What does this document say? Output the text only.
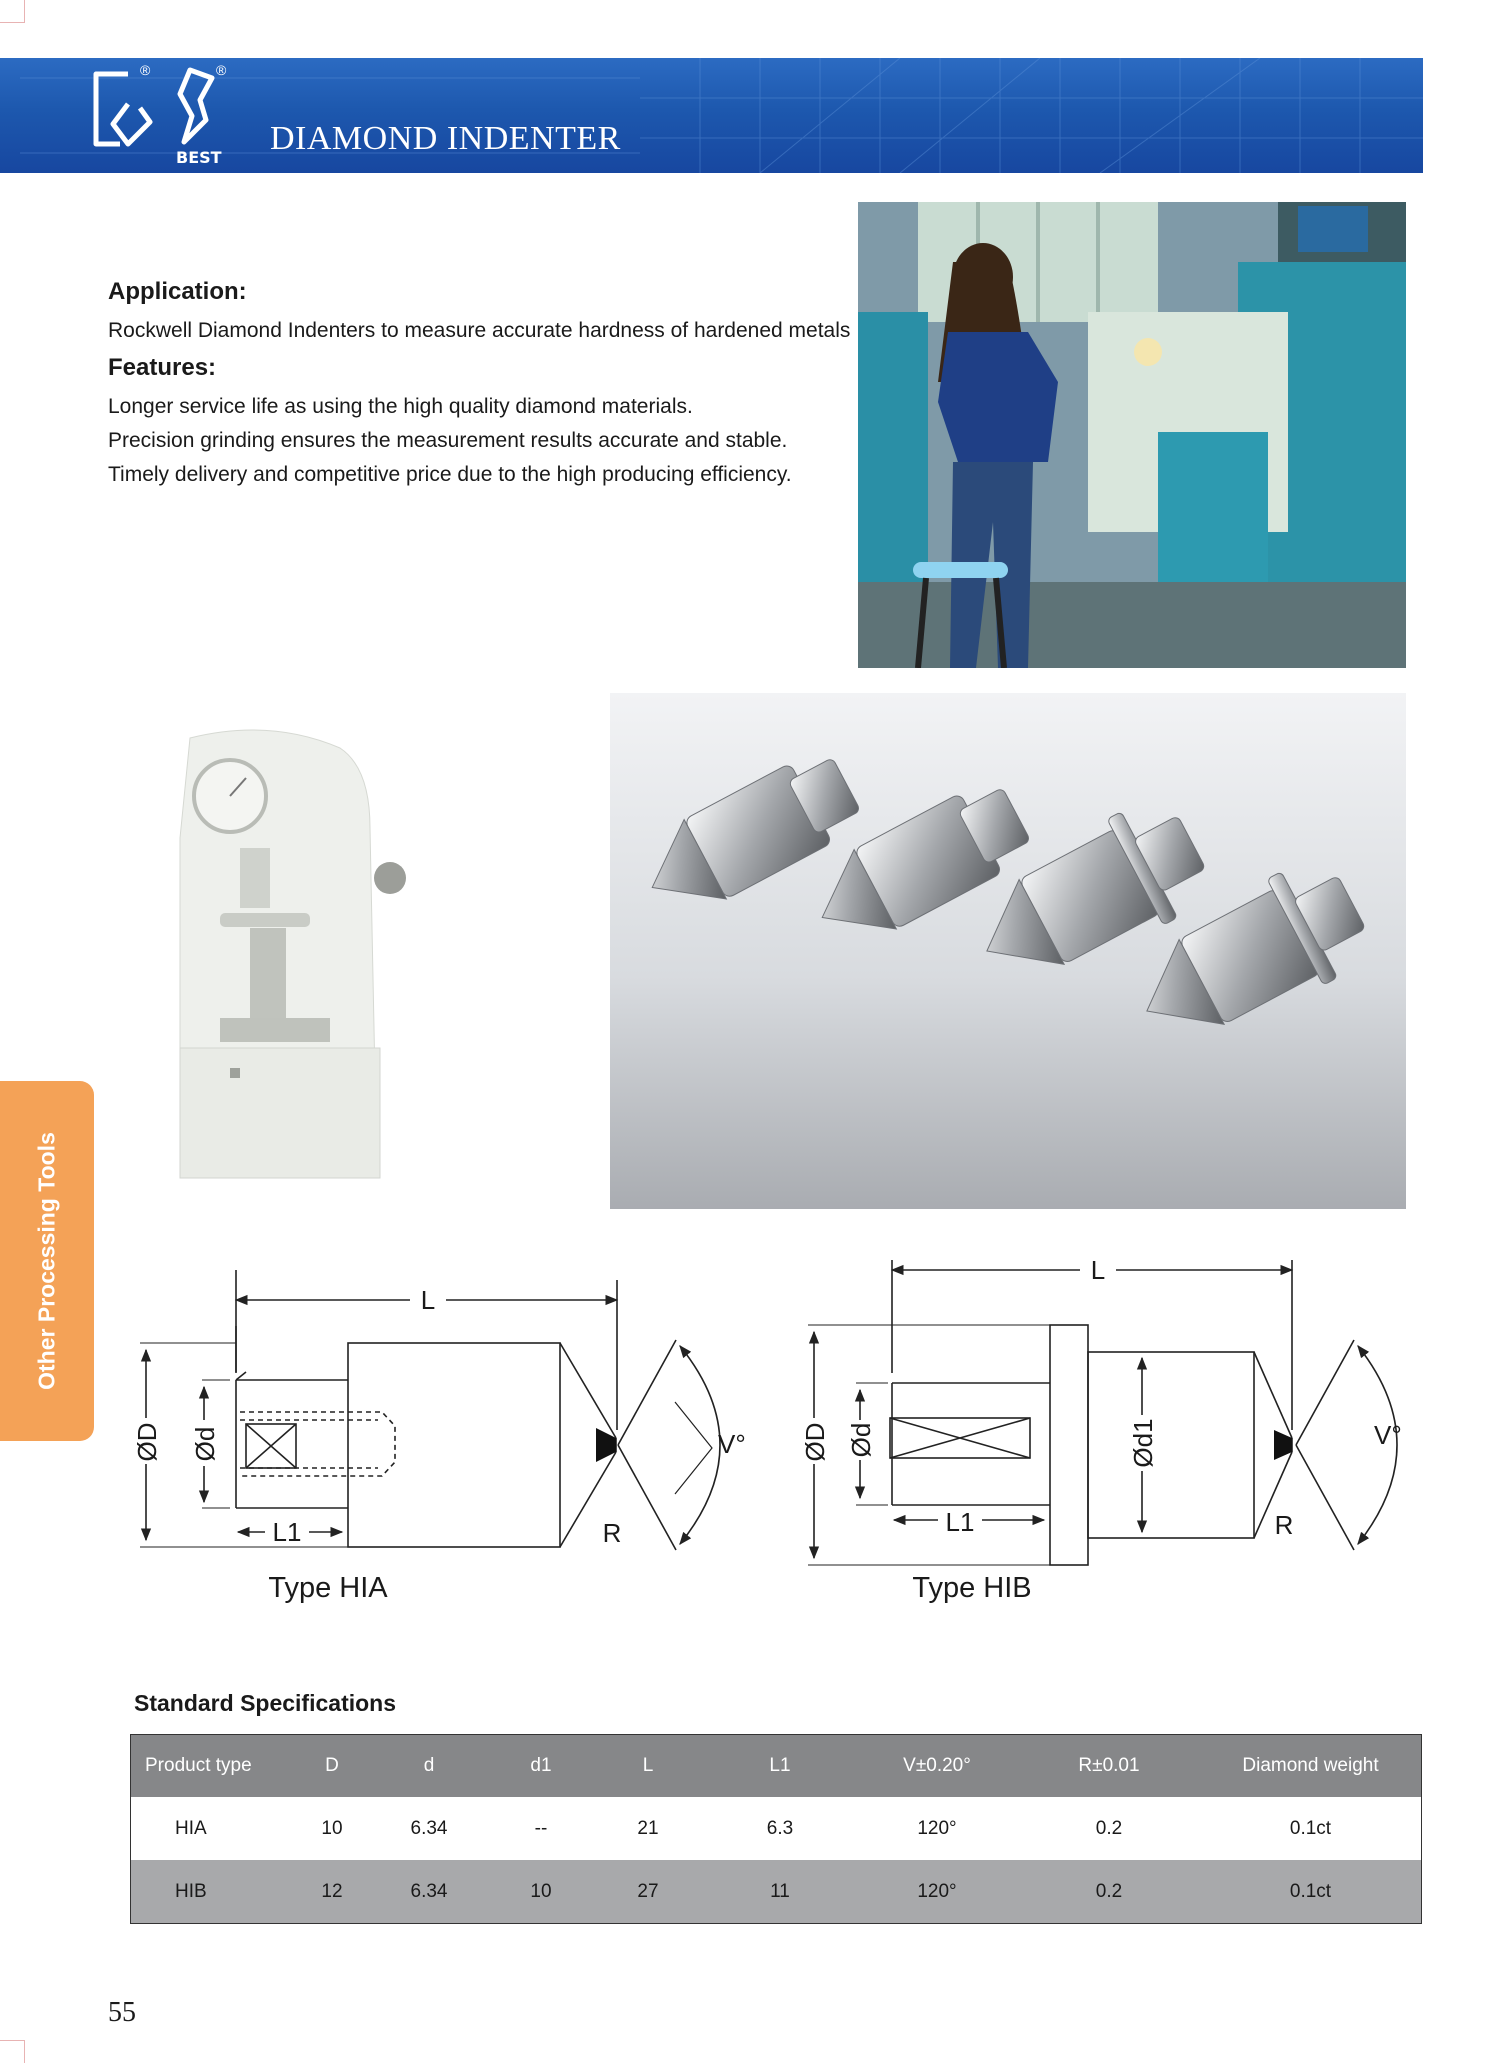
®	®
BEST
DIAMOND INDENTER

Application:

Rockwell Diamond Indenters to measure accurate hardness of hardened metals

Features:

Longer service life as using the high quality diamond materials.

Precision grinding ensures the measurement results accurate and stable.

Timely delivery and competitive price due to the high producing efficiency.

Other Processing Tools	L
ØD Ød
L1	R
V°
L
ØD Ød	Ød1
L1	R
V°
Type HIA	Type HIB
Standard Specifications
Product type	D	d	d1	L	L1	V±0.20°	R±0.01	Diamond weight
HIA	10	6.34	--	21	6.3	120°	0.2	0.1ct
HIB	12	6.34	10	27	11	120°	0.2	0.1ct
55
